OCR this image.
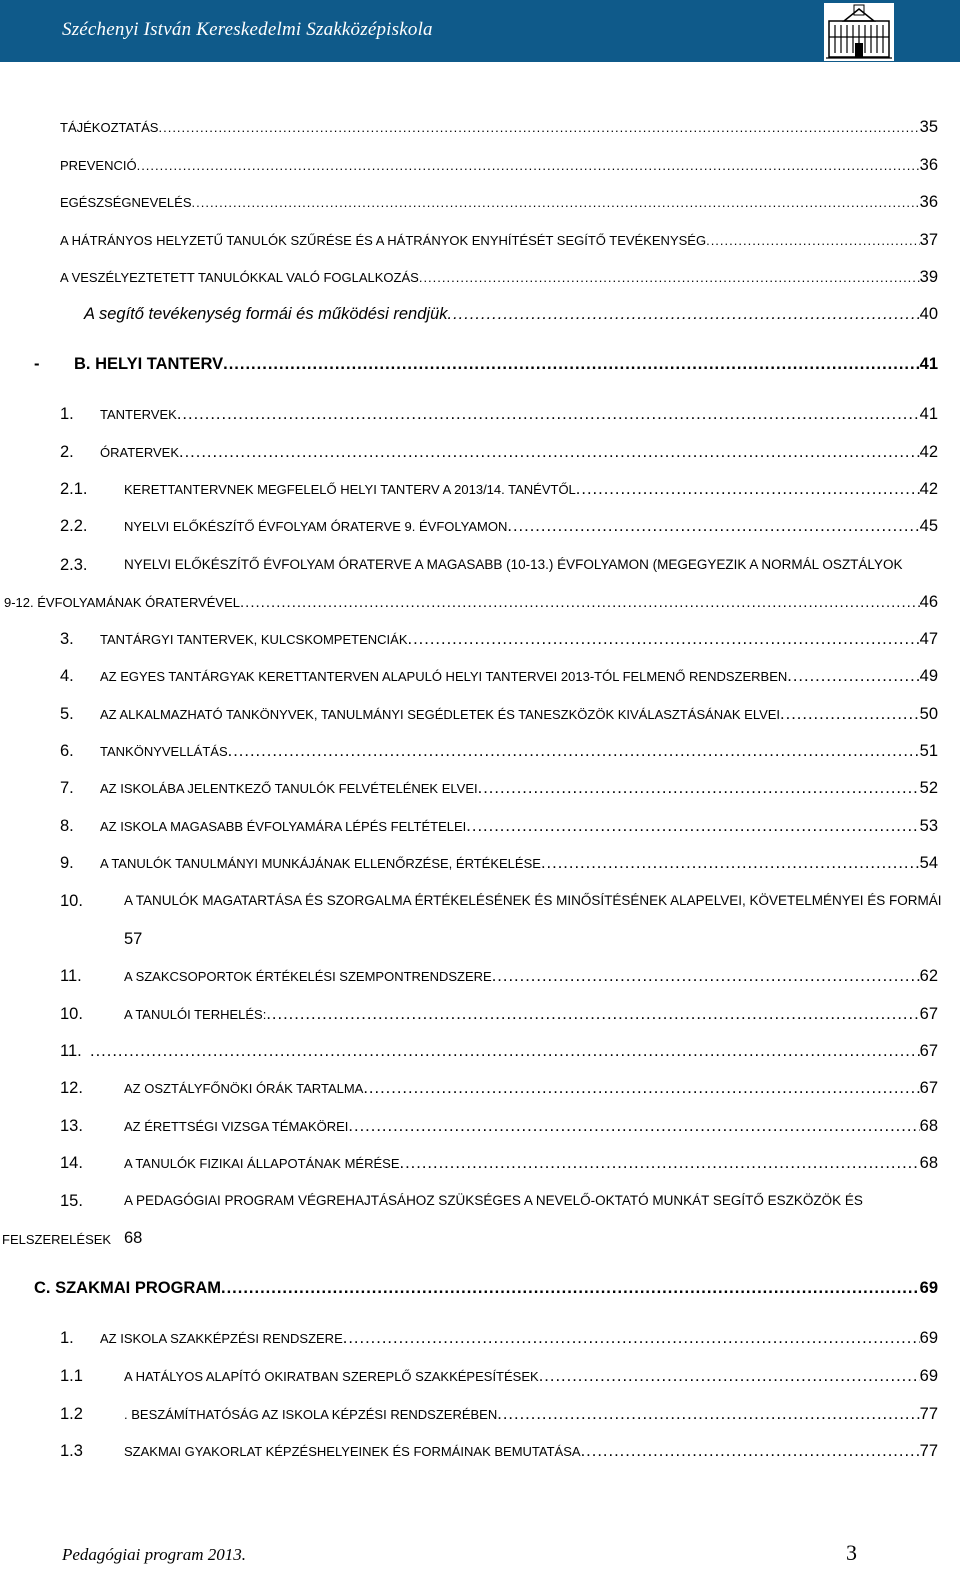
Széchenyi István Kereskedelmi Szakközépiskola
TÁJÉKOZTATÁS .....	35
PREVENCIÓ .....	36
EGÉSZSÉGNEVELÉS .....	36
A HÁTRÁNYOS HELYZETŰ TANULÓK SZŰRÉSE ÉS A HÁTRÁNYOK ENYHÍTÉSÉT SEGÍTŐ TEVÉKENYSÉG .....	37
A VESZÉLYEZTETETT TANULÓKKAL VALÓ FOGLALKOZÁS .....	39
A segítő tevékenység formái és működési rendjük .....	40
- B. HELYI TANTERV .....	41
1. TANTERVEK .....	41
2. ÓRATERVEK .....	42
2.1.	KERETTANTERVNEK MEGFELELŐ HELYI TANTERV A 2013/14. TANÉVTŐL .....	42
2.2.	NYELVI ELŐKÉSZÍTŐ ÉVFOLYAM ÓRATERVE 9. ÉVFOLYAMON .....	45
2.3.	NYELVI ELŐKÉSZÍTŐ ÉVFOLYAM ÓRATERVE A MAGASABB (10-13.) ÉVFOLYAMON (MEGEGYEZIK A NORMÁL OSZTÁLYOK
9-12. ÉVFOLYAMÁNAK ÓRATERVÉVEL .....	46
3. TANTÁRGYI TANTERVEK, KULCSKOMPETENCIÁK .....	47
4. AZ EGYES TANTÁRGYAK KERETTANTERVEN ALAPULÓ HELYI TANTERVEI 2013-TÓL FELMENŐ RENDSZERBEN .....	49
5. AZ ALKALMAZHATÓ TANKÖNYVEK, TANULMÁNYI SEGÉDLETEK ÉS TANESZKÖZÖK KIVÁLASZTÁSÁNAK ELVEI .....	50
6. TANKÖNYVELLÁTÁS .....	51
7. AZ ISKOLÁBA JELENTKEZŐ TANULÓK FELVÉTELÉNEK ELVEI .....	52
8. AZ ISKOLA MAGASABB ÉVFOLYAMÁRA LÉPÉS FELTÉTELEI .....	53
9. A TANULÓK TANULMÁNYI MUNKÁJÁNAK ELLENŐRZÉSE, ÉRTÉKELÉSE .....	54
10.	A TANULÓK MAGATARTÁSA ÉS SZORGALMA ÉRTÉKELÉSÉNEK ÉS MINŐSÍTÉSÉNEK ALAPELVEI, KÖVETELMÉNYEI ÉS FORMÁI
57
11.	A SZAKCSOPORTOK ÉRTÉKELÉSI SZEMPONTRENDSZERE .....	62
10.	A TANULÓI TERHELÉS: .....	67
11. .....	67
12.	AZ OSZTÁLYFŐNÖKI ÓRÁK TARTALMA .....	67
13.	AZ ÉRETTSÉGI VIZSGA TÉMAKÖREI .....	68
14.	A TANULÓK FIZIKAI ÁLLAPOTÁNAK MÉRÉSE .....	68
15.	A PEDAGÓGIAI PROGRAM VÉGREHAJTÁSÁHOZ SZÜKSÉGES A NEVELŐ-OKTATÓ MUNKÁT SEGÍTŐ ESZKÖZÖK ÉS
FELSZERELÉSEK 68
C. SZAKMAI PROGRAM .....	69
1. AZ ISKOLA SZAKKÉPZÉSI RENDSZERE .....	69
1.1	A HATÁLYOS ALAPÍTÓ OKIRATBAN SZEREPLŐ SZAKKÉPESÍTÉSEK .....	69
1.2	. BESZÁMÍTHATÓSÁG AZ ISKOLA KÉPZÉSI RENDSZERÉBEN .....	77
1.3	SZAKMAI GYAKORLAT KÉPZÉSHELYEINEK ÉS FORMÁINAK BEMUTATÁSA .....	77
Pedagógiai program 2013.	3
